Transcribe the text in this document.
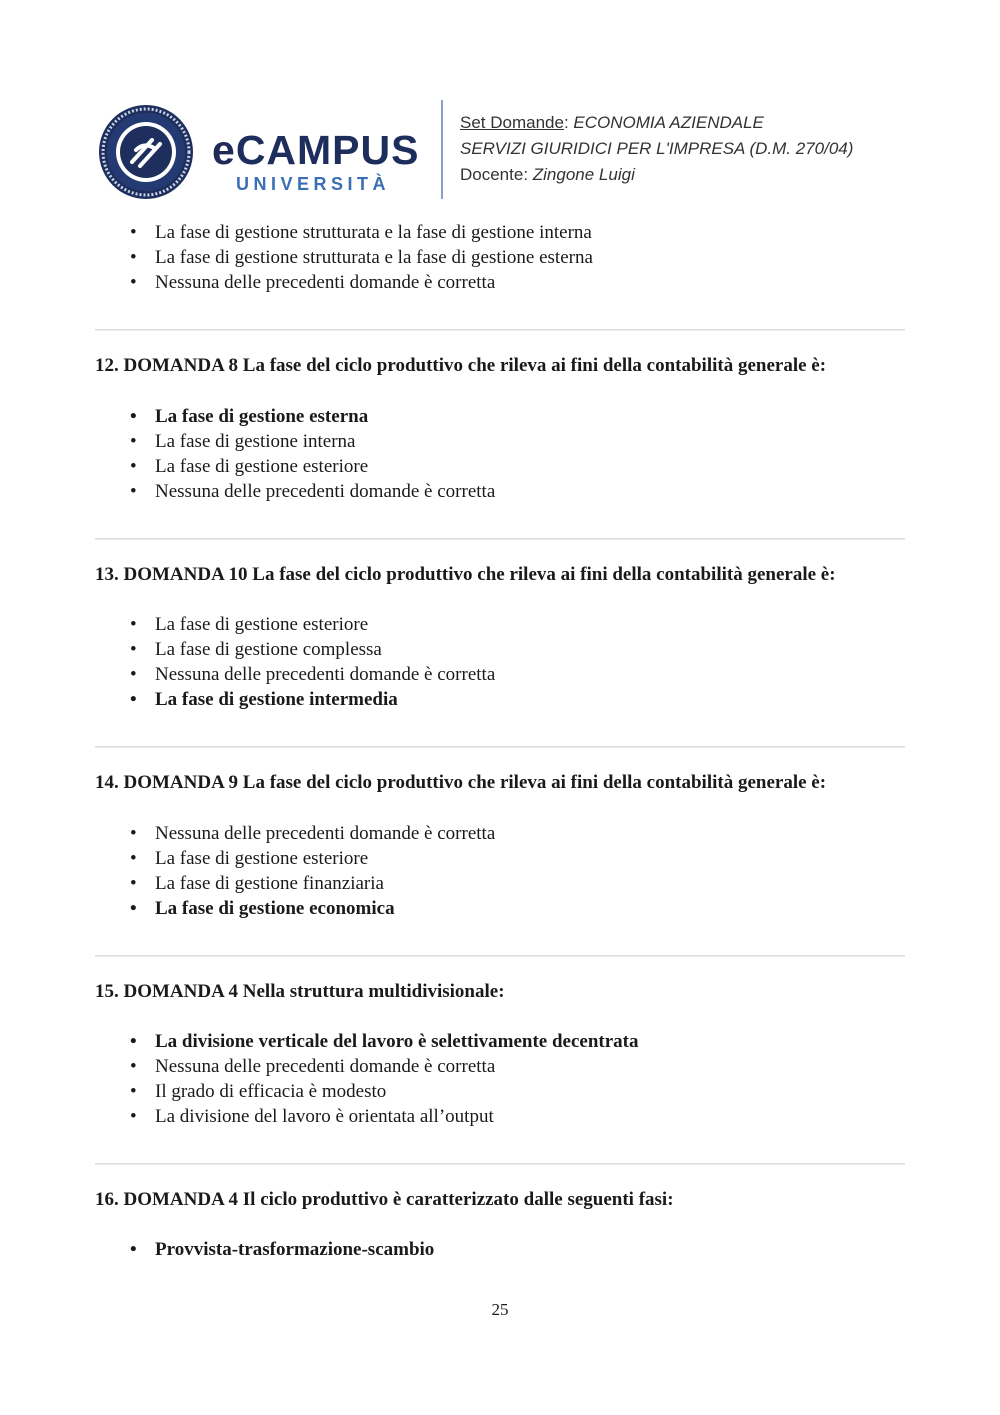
eCAMPUS
UNIVERSITÀ
Set Domande: ECONOMIA AZIENDALE
SERVIZI GIURIDICI PER L'IMPRESA (D.M. 270/04)
Docente: Zingone Luigi
• La fase di gestione strutturata e la fase di gestione interna
• La fase di gestione strutturata e la fase di gestione esterna
• Nessuna delle precedenti domande è corretta
12. DOMANDA 8 La fase del ciclo produttivo che rileva ai fini della contabilità generale è:
• La fase di gestione esterna
• La fase di gestione interna
• La fase di gestione esteriore
• Nessuna delle precedenti domande è corretta
13. DOMANDA 10 La fase del ciclo produttivo che rileva ai fini della contabilità generale è:
• La fase di gestione esteriore
• La fase di gestione complessa
• Nessuna delle precedenti domande è corretta
• La fase di gestione intermedia
14. DOMANDA 9 La fase del ciclo produttivo che rileva ai fini della contabilità generale è:
• Nessuna delle precedenti domande è corretta
• La fase di gestione esteriore
• La fase di gestione finanziaria
• La fase di gestione economica
15. DOMANDA 4 Nella struttura multidivisionale:
• La divisione verticale del lavoro è selettivamente decentrata
• Nessuna delle precedenti domande è corretta
• Il grado di efficacia è modesto
• La divisione del lavoro è orientata all’output
16. DOMANDA 4 Il ciclo produttivo è caratterizzato dalle seguenti fasi:
• Provvista-trasformazione-scambio
25
